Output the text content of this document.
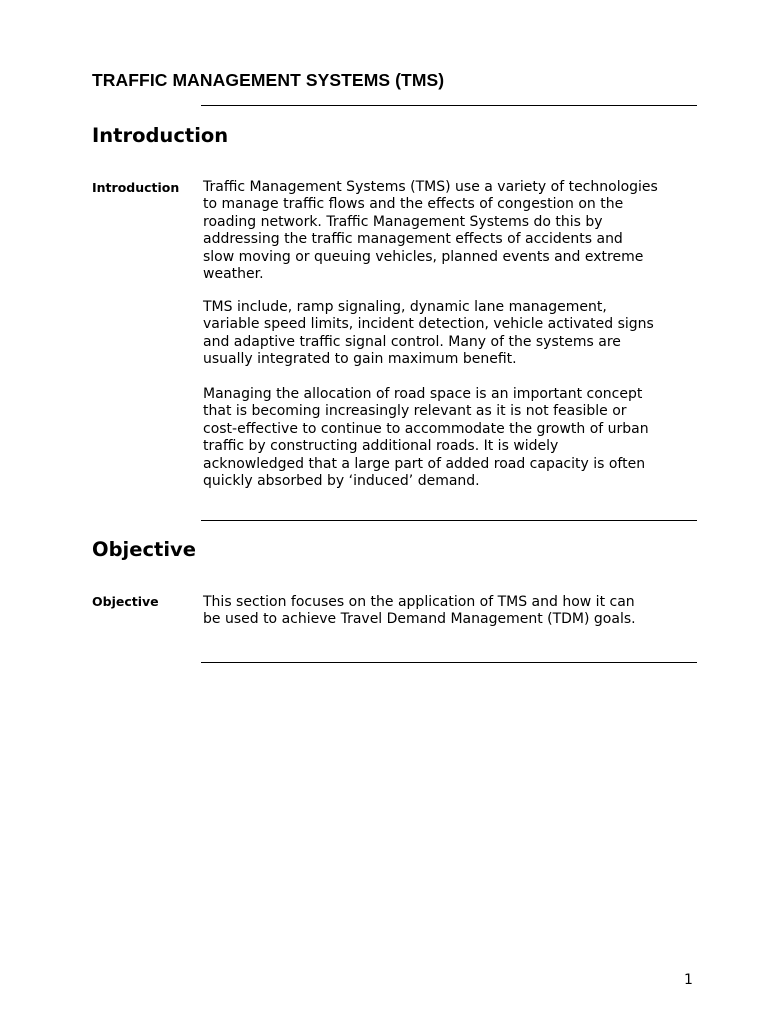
TRAFFIC MANAGEMENT SYSTEMS (TMS)
Introduction

Introduction Traffic Management Systems (TMS) use a variety of technologies
to manage traffic flows and the effects of congestion on the
roading network. Traffic Management Systems do this by
addressing the traffic management effects of accidents and
slow moving or queuing vehicles, planned events and extreme
weather.
TMS include, ramp signaling, dynamic lane management,
variable speed limits, incident detection, vehicle activated signs
and adaptive traffic signal control. Many of the systems are
usually integrated to gain maximum benefit.
Managing the allocation of road space is an important concept
that is becoming increasingly relevant as it is not feasible or
cost-effective to continue to accommodate the growth of urban
traffic by constructing additional roads. It is widely
acknowledged that a large part of added road capacity is often
quickly absorbed by ‘induced’ demand.
Objective

Objective	This section focuses on the application of TMS and how it can
be used to achieve Travel Demand Management (TDM) goals.

1
